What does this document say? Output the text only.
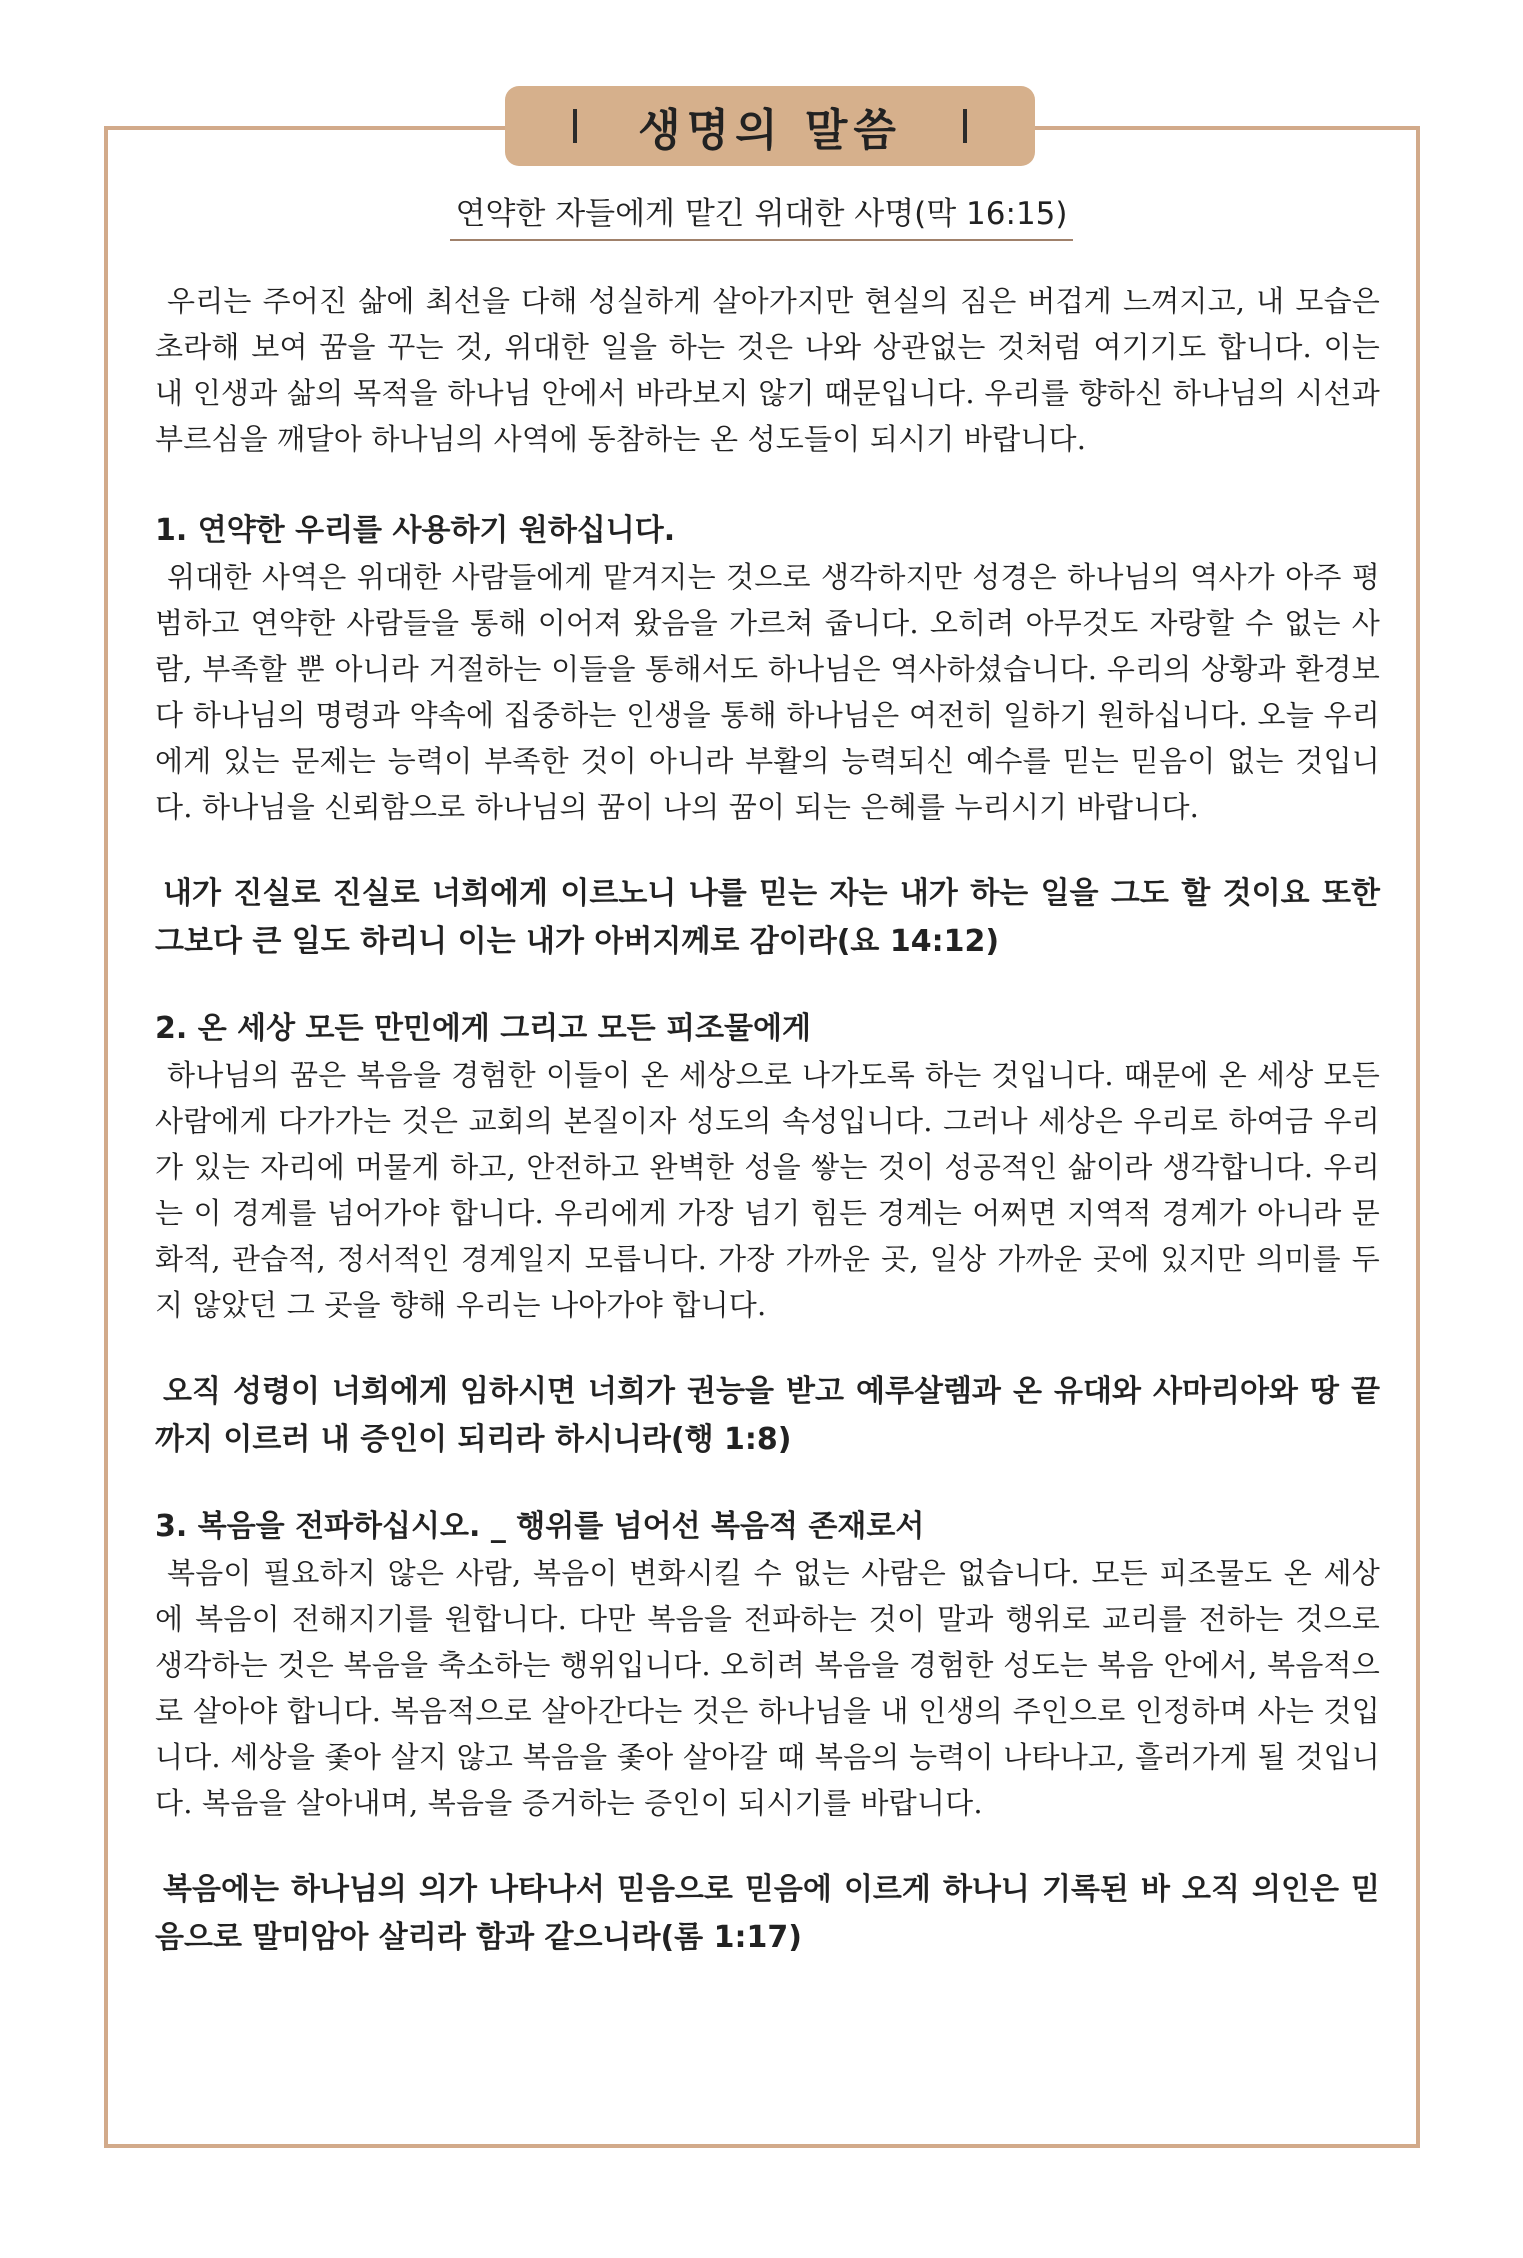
생명의 말씀
연약한 자들에게 맡긴 위대한 사명(막 16:15)

우리는 주어진 삶에 최선을 다해 성실하게 살아가지만 현실의 짐은 버겁게 느껴지고, 내 모습은 초라해 보여 꿈을 꾸는 것, 위대한 일을 하는 것은 나와 상관없는 것처럼 여기기도 합니다. 이는 내 인생과 삶의 목적을 하나님 안에서 바라보지 않기 때문입니다. 우리를 향하신 하나님의 시선과 부르심을 깨달아 하나님의 사역에 동참하는 온 성도들이 되시기 바랍니다.

1. 연약한 우리를 사용하기 원하십니다.

위대한 사역은 위대한 사람들에게 맡겨지는 것으로 생각하지만 성경은 하나님의 역사가 아주 평범하고 연약한 사람들을 통해 이어져 왔음을 가르쳐 줍니다. 오히려 아무것도 자랑할 수 없는 사람, 부족할 뿐 아니라 거절하는 이들을 통해서도 하나님은 역사하셨습니다. 우리의 상황과 환경보다 하나님의 명령과 약속에 집중하는 인생을 통해 하나님은 여전히 일하기 원하십니다. 오늘 우리에게 있는 문제는 능력이 부족한 것이 아니라 부활의 능력되신 예수를 믿는 믿음이 없는 것입니다. 하나님을 신뢰함으로 하나님의 꿈이 나의 꿈이 되는 은혜를 누리시기 바랍니다.

내가 진실로 진실로 너희에게 이르노니 나를 믿는 자는 내가 하는 일을 그도 할 것이요 또한 그보다 큰 일도 하리니 이는 내가 아버지께로 감이라(요 14:12)

2. 온 세상 모든 만민에게 그리고 모든 피조물에게

하나님의 꿈은 복음을 경험한 이들이 온 세상으로 나가도록 하는 것입니다. 때문에 온 세상 모든 사람에게 다가가는 것은 교회의 본질이자 성도의 속성입니다. 그러나 세상은 우리로 하여금 우리가 있는 자리에 머물게 하고, 안전하고 완벽한 성을 쌓는 것이 성공적인 삶이라 생각합니다. 우리는 이 경계를 넘어가야 합니다. 우리에게 가장 넘기 힘든 경계는 어쩌면 지역적 경계가 아니라 문화적, 관습적, 정서적인 경계일지 모릅니다. 가장 가까운 곳, 일상 가까운 곳에 있지만 의미를 두지 않았던 그 곳을 향해 우리는 나아가야 합니다.

오직 성령이 너희에게 임하시면 너희가 권능을 받고 예루살렘과 온 유대와 사마리아와 땅 끝까지 이르러 내 증인이 되리라 하시니라(행 1:8)

3. 복음을 전파하십시오. _ 행위를 넘어선 복음적 존재로서

복음이 필요하지 않은 사람, 복음이 변화시킬 수 없는 사람은 없습니다. 모든 피조물도 온 세상에 복음이 전해지기를 원합니다. 다만 복음을 전파하는 것이 말과 행위로 교리를 전하는 것으로 생각하는 것은 복음을 축소하는 행위입니다. 오히려 복음을 경험한 성도는 복음 안에서, 복음적으로 살아야 합니다. 복음적으로 살아간다는 것은 하나님을 내 인생의 주인으로 인정하며 사는 것입니다. 세상을 좇아 살지 않고 복음을 좇아 살아갈 때 복음의 능력이 나타나고, 흘러가게 될 것입니다. 복음을 살아내며, 복음을 증거하는 증인이 되시기를 바랍니다.

복음에는 하나님의 의가 나타나서 믿음으로 믿음에 이르게 하나니 기록된 바 오직 의인은 믿음으로 말미암아 살리라 함과 같으니라(롬 1:17)
